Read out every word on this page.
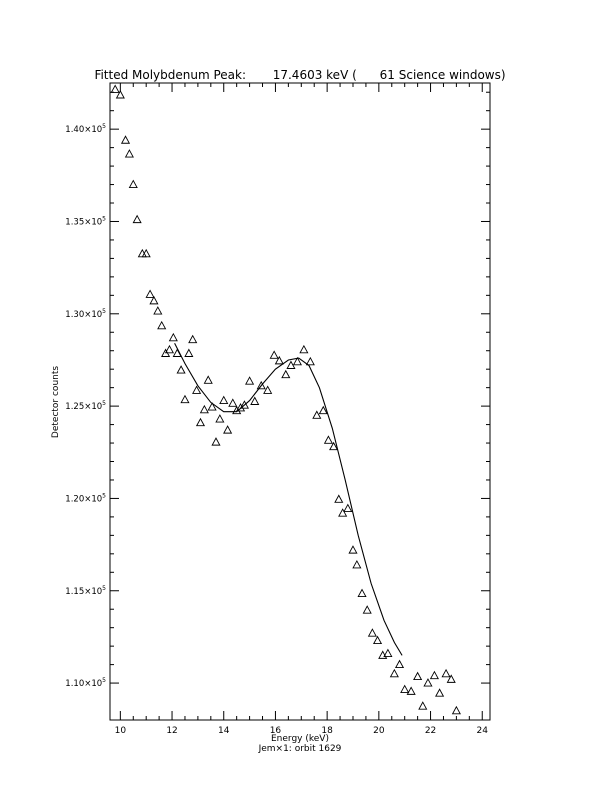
10	12	14	16	18	20	22	24
$1.10\times 10^5$
$1.15\times 10^5$
$1.20\times 10^5$
$1.25\times 10^5$
$1.30\times 10^5$
$1.35\times 10^5$
$1.40\times 10^5$
Fitted Molybdenum Peak:       17.4603 keV (      61 Science windows)
Energy (keV)
Jem×1: orbit 1629
Detector counts
